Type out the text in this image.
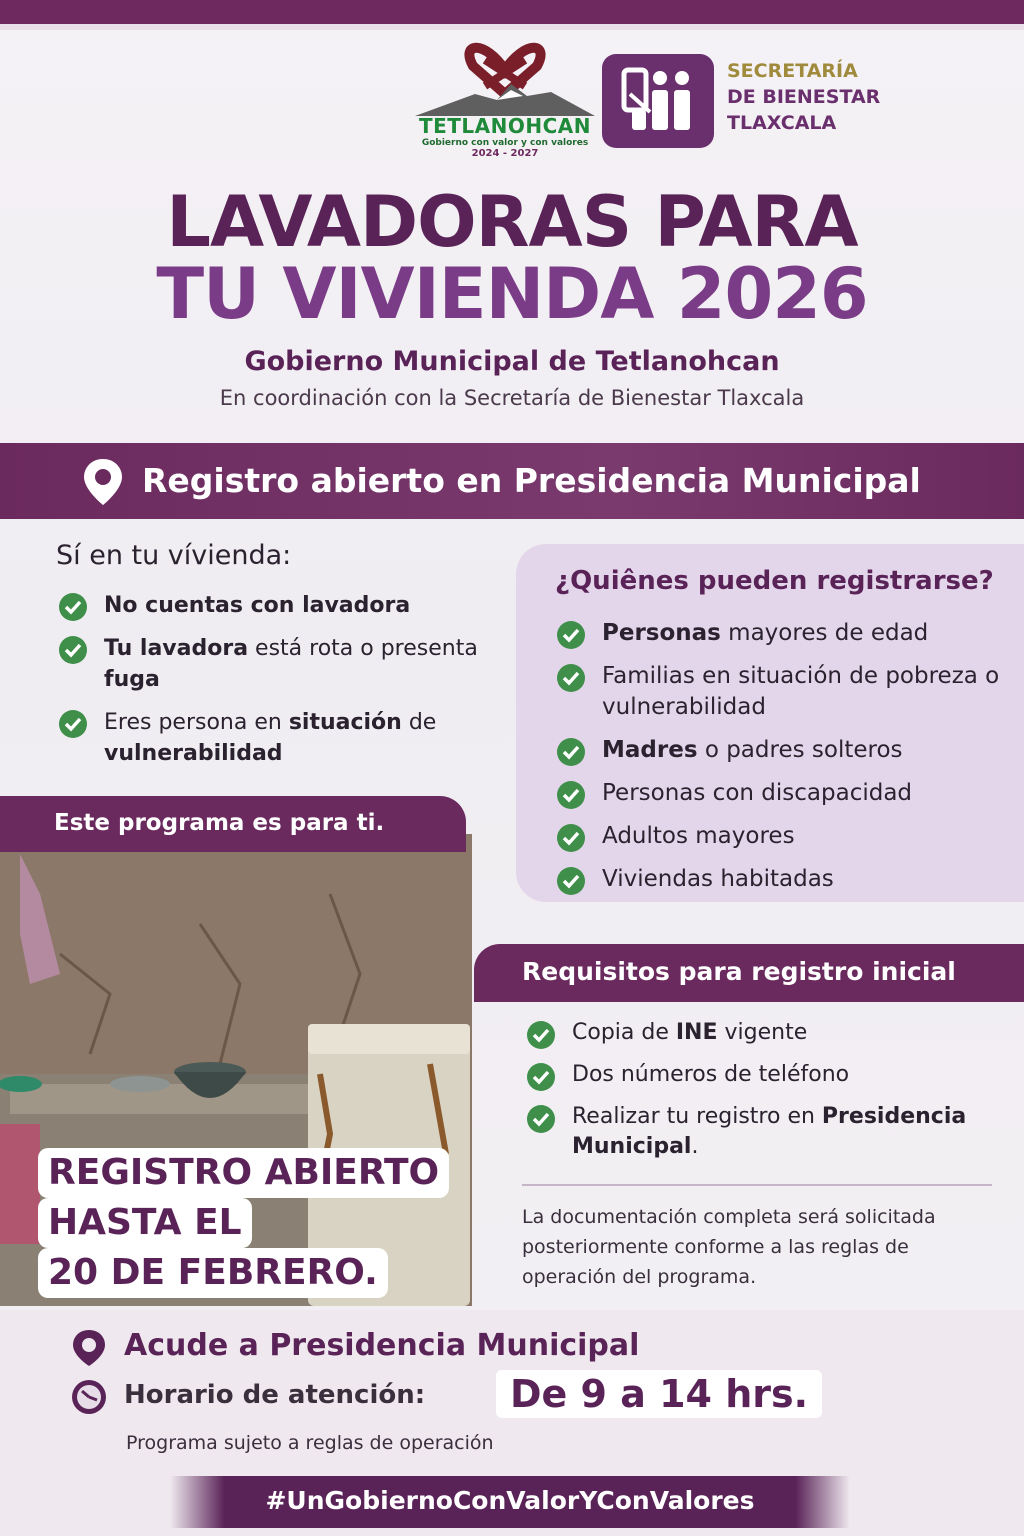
TETLANOHCAN
Gobierno con valor y con valores
2024 - 2027
SECRETARÍA
DE BIENESTAR
TLAXCALA
LAVADORAS PARA
TU VIVIENDA 2026
Gobierno Municipal de Tetlanohcan
En coordinación con la Secretaría de Bienestar Tlaxcala
Registro abierto en Presidencia Municipal
Sí en tu vívienda:
No cuentas con lavadora
Tu lavadora está rota o presenta fuga
Eres persona en situación de vulnerabilidad
¿Quiênes pueden registrarse?
Personas mayores de edad
Familias en situación de pobreza o vulnerabilidad
Madres o padres solteros
Personas con discapacidad
Adultos mayores
Viviendas habitadas
Este programa es para ti.
REGISTRO ABIERTO
HASTA EL
20 DE FEBRERO.
Requisitos para registro inicial
Copia de INE vigente
Dos números de teléfono
Realizar tu registro en Presidencia Municipal.
La documentación completa será solicitada posteriormente conforme a las reglas de operación del programa.
Acude a Presidencia Municipal
Horario de atención:	De 9 a 14 hrs.
Programa sujeto a reglas de operación
#UnGobiernoConValorYConValores
